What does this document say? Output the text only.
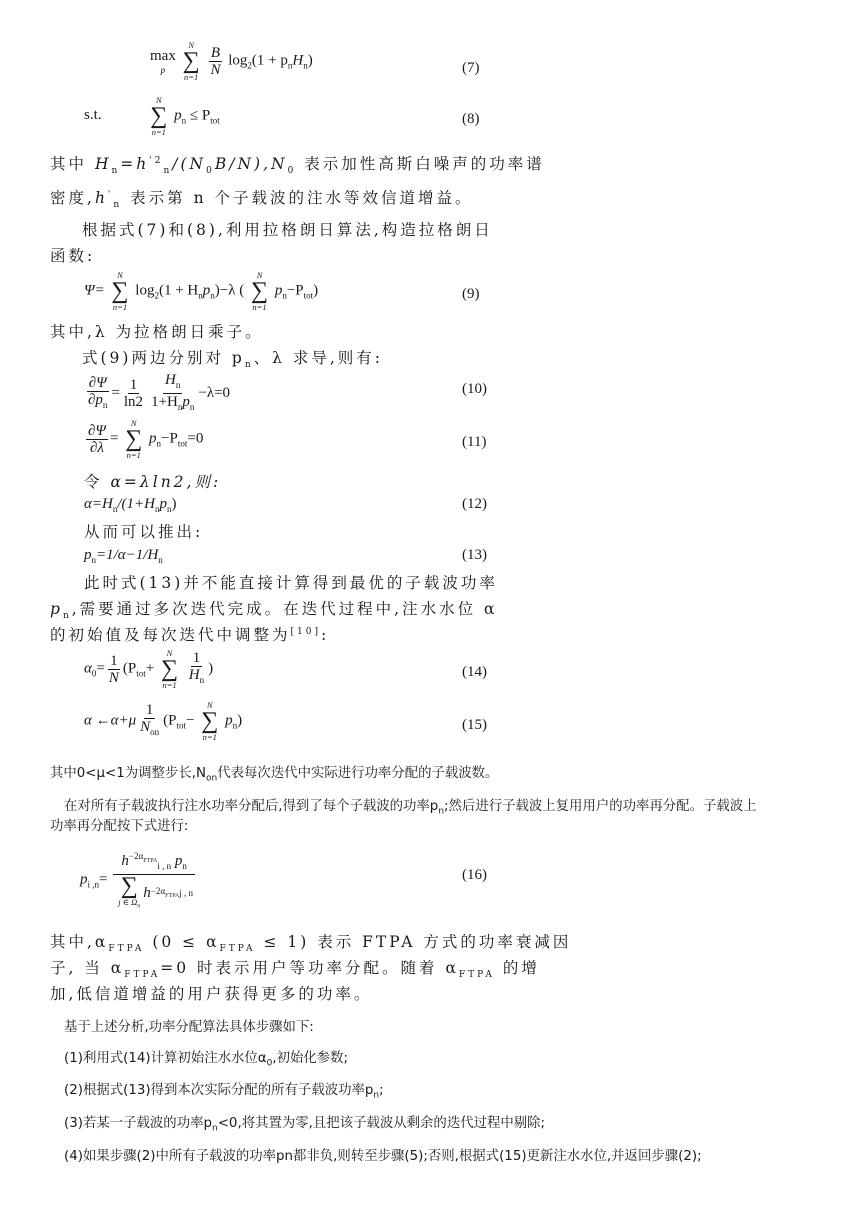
max
p

N
∑
n=1
$\frac{B}{N} \log_2(1 + p_nH_n)$	(7)
s.t.
N
∑
n=1
$p_n \le P_{tot}$	(8)
其中 $H_n=h^{'2}_n/(N_0B/N),N_0$ 表示加性高斯白噪声的功率谱
密度$,h'_n$ 表示第 n 个子载波的注水等效信道增益。
根据式(7)和(8),利用拉格朗日算法,构造拉格朗日
函数:
Ψ=
N
∑
n=1
$\log_2(1 + H_np_n)-\lambda$ (
N
∑
n=1
$p_n-P_{tot}$)	(9)
其中,λ 为拉格朗日乘子。
式(9)两边分别对 $p_n$、λ 求导,则有:
$\frac{\partial\Psi}{\partial p_n} = \frac{1}{\ln 2} \frac{H_n}{1+H_np_n} -\lambda=0$	(10)
$\frac{\partial\Psi}{\partial\lambda}$ =
N
∑
n=1
$p_n-P_{tot}=0$	(11)
令 α=λln2,则:
$\alpha=H_n/(1+H_np_n)$	(12)
从而可以推出:
$p_n=1/\alpha-1/H_n$	(13)
此时式(13)并不能直接计算得到最优的子载波功率
$p_n$,需要通过多次迭代完成。在迭代过程中,注水水位 α
的初始值及每次迭代中调整为[10]:
$\alpha_0= \frac{1}{N} (P_{tot}+$
N
∑
n=1
$\frac{1}{H_n}$ )	(14)
α ←α+μ $\frac{1}{N_{on}} (P_{tot}-$
N
∑
n=1
$p_n$)	(15)
其中0<μ<1为调整步长$,N_{on}$代表每次迭代中实际进行功率分配的子载波数。
在对所有子载波执行注水功率分配后,得到了每个子载波的功率$p_n$;然后进行子载波上复用用户的功率再分配。子载波上
功率再分配按下式进行:
$p_{i ,n}= h^{-2\alpha_{FTPA}}_{i , n}$ $p_n$
∑
j ∈ $\Omega_n$
$h -2\alpha_{FTPA}$ j , n	(16)
其中$,\alpha_{FTPA}$ $(0 \le \alpha_{FTPA} \le 1)$ 表示 FTPA 方式的功率衰减因
子, 当 $\alpha_{FTPA}=0$ 时表示用户等功率分配。随着 $\alpha_{FTPA}$ 的增
加,低信道增益的用户获得更多的功率。
基于上述分析,功率分配算法具体步骤如下:
(1)利用式(14)计算初始注水水位$\alpha_0$,初始化参数;
(2)根据式(13)得到本次实际分配的所有子载波功率$p_n$;
(3)若某一子载波的功率$p_n<0$,将其置为零,且把该子载波从剩余的迭代过程中剔除;
(4)如果步骤(2)中所有子载波的功率pn都非负,则转至步骤(5);否则,根据式(15)更新注水水位,并返回步骤(2);
